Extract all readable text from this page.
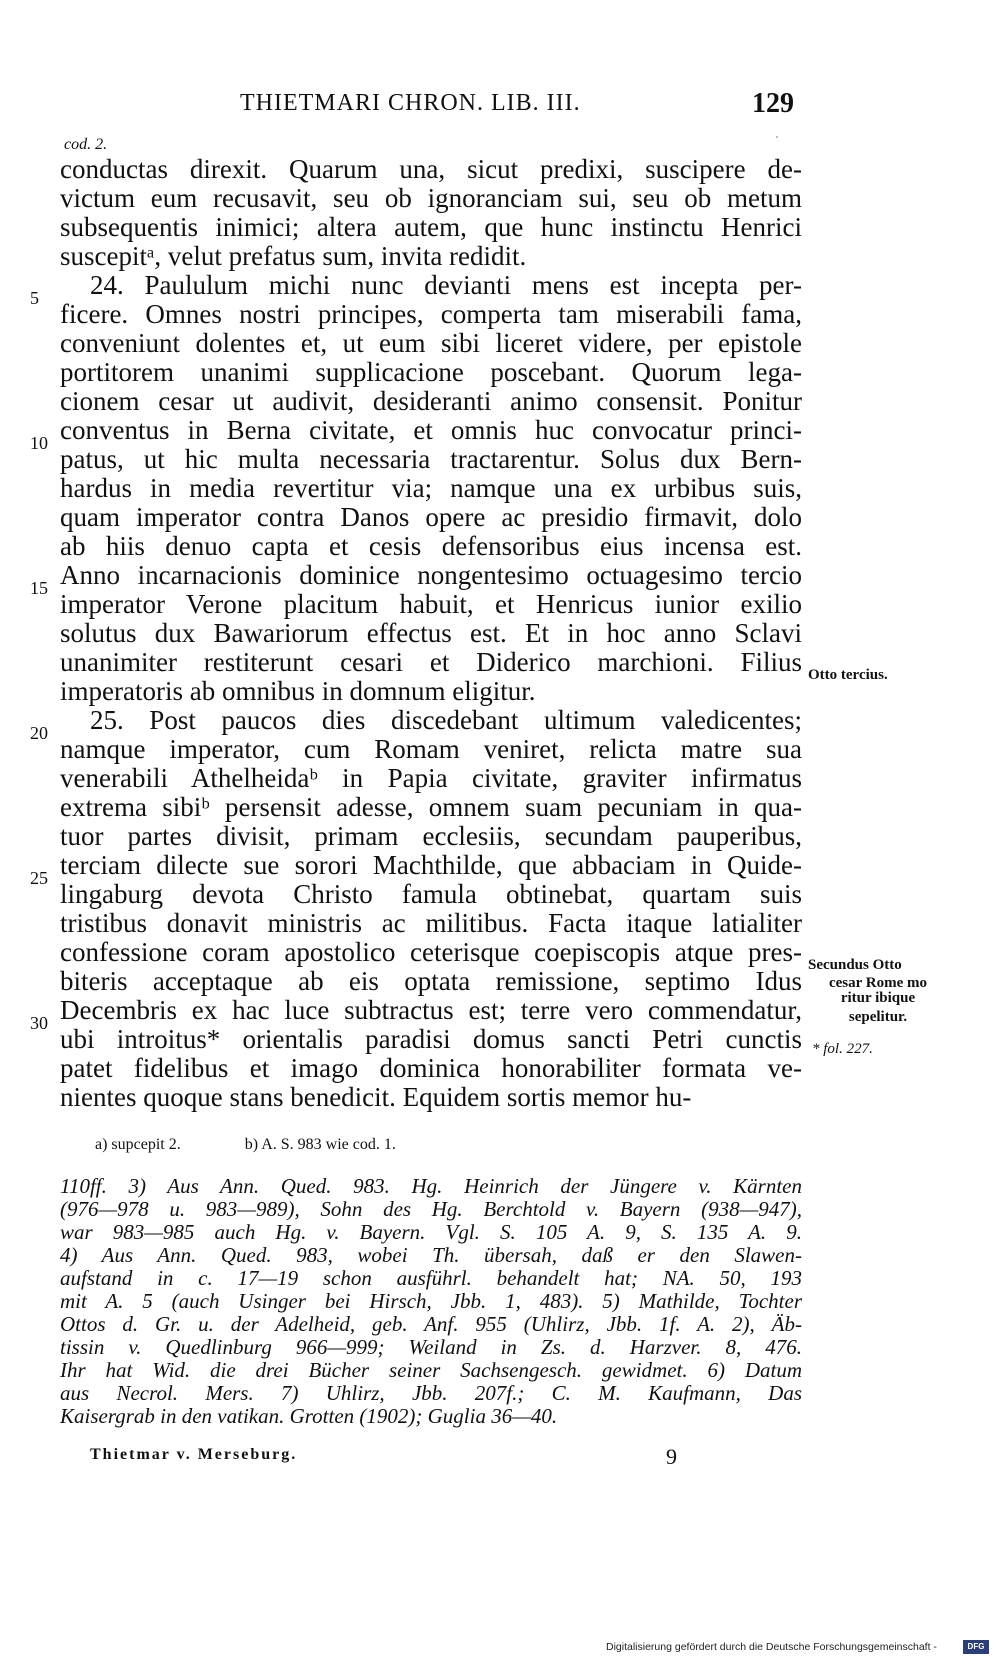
THIETMARI CHRON. LIB. III.	129
cod. 2.
conductas direxit. Quarum una, sicut predixi, suscipere de-
victum eum recusavit, seu ob ignoranciam sui, seu ob metum
subsequentis inimici; altera autem, que hunc instinctu Henrici
suscepitᵃ, velut prefatus sum, invita redidit.
24. Paululum michi nunc devianti mens est incepta per-
ficere. Omnes nostri principes, comperta tam miserabili fama,
conveniunt dolentes et, ut eum sibi liceret videre, per epistole
portitorem unanimi supplicacione poscebant. Quorum lega-
cionem cesar ut audivit, desideranti animo consensit. Ponitur
conventus in Berna civitate, et omnis huc convocatur princi-
patus, ut hic multa necessaria tractarentur. Solus dux Bern-
hardus in media revertitur via; namque una ex urbibus suis,
quam imperator contra Danos opere ac presidio firmavit, dolo
ab hiis denuo capta et cesis defensoribus eius incensa est.
Anno incarnacionis dominice nongentesimo octuagesimo tercio
imperator Verone placitum habuit, et Henricus iunior exilio
solutus dux Bawariorum effectus est. Et in hoc anno Sclavi
unanimiter restiterunt cesari et Diderico marchioni. Filius
imperatoris ab omnibus in domnum eligitur.
25. Post paucos dies discedebant ultimum valedicentes;
namque imperator, cum Romam veniret, relicta matre sua
venerabili Athelheidaᵇ in Papia civitate, graviter infirmatus
extrema sibiᵇ persensit adesse, omnem suam pecuniam in qua-
tuor partes divisit, primam ecclesiis, secundam pauperibus,
terciam dilecte sue sorori Machthilde, que abbaciam in Quide-
lingaburg devota Christo famula obtinebat, quartam suis
tristibus donavit ministris ac militibus. Facta itaque latialiter
confessione coram apostolico ceterisque coepiscopis atque pres-
biteris acceptaque ab eis optata remissione, septimo Idus
Decembris ex hac luce subtractus est; terre vero commendatur,
ubi introitus* orientalis paradisi domus sancti Petri cunctis
patet fidelibus et imago dominica honorabiliter formata ve-
nientes quoque stans benedicit. Equidem sortis memor hu-
5
10
15
20
25
30
Otto tercius.
Secundus Otto
cesar Rome mo
ritur ibique
sepelitur.
* fol. 227.
a) supcepit 2.	b) A. S. 983 wie cod. 1.
110ff. 3) Aus Ann. Qued. 983. Hg. Heinrich der Jüngere v. Kärnten
(976—978 u. 983—989), Sohn des Hg. Berchtold v. Bayern (938—947),
war 983—985 auch Hg. v. Bayern. Vgl. S. 105 A. 9, S. 135 A. 9.
4) Aus Ann. Qued. 983, wobei Th. übersah, daß er den Slawen-
aufstand in c. 17—19 schon ausführl. behandelt hat; NA. 50, 193
mit A. 5 (auch Usinger bei Hirsch, Jbb. 1, 483). 5) Mathilde, Tochter
Ottos d. Gr. u. der Adelheid, geb. Anf. 955 (Uhlirz, Jbb. 1f. A. 2), Äb-
tissin v. Quedlinburg 966—999; Weiland in Zs. d. Harzver. 8, 476.
Ihr hat Wid. die drei Bücher seiner Sachsengesch. gewidmet. 6) Datum
aus Necrol. Mers. 7) Uhlirz, Jbb. 207f.; C. M. Kaufmann, Das
Kaisergrab in den vatikan. Grotten (1902); Guglia 36—40.
Thietmar v. Merseburg.	9
Digitalisierung gefördert durch die Deutsche Forschungsgemeinschaft -	DFG
